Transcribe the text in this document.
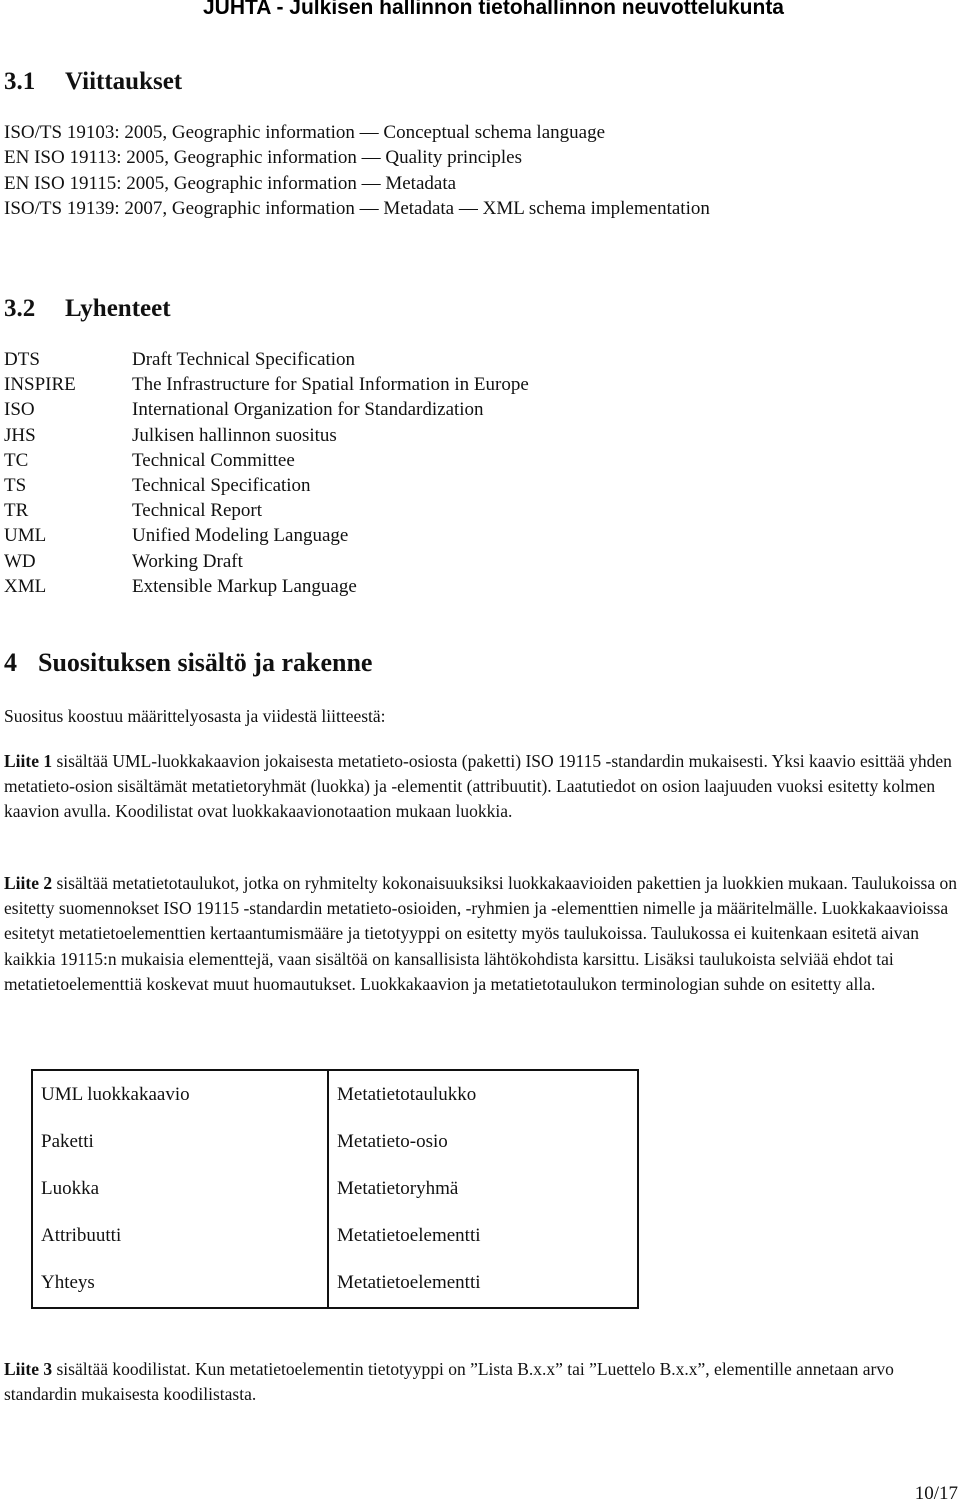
JUHTA - Julkisen hallinnon tietohallinnon neuvottelukunta
3.1 Viittaukset
ISO/TS 19103: 2005, Geographic information — Conceptual schema language
EN ISO 19113: 2005, Geographic information — Quality principles
EN ISO 19115: 2005, Geographic information — Metadata
ISO/TS 19139: 2007, Geographic information — Metadata — XML schema implementation
3.2 Lyhenteet
DTS	Draft Technical Specification
INSPIRE	The Infrastructure for Spatial Information in Europe
ISO	International Organization for Standardization
JHS	Julkisen hallinnon suositus
TC	Technical Committee
TS	Technical Specification
TR	Technical Report
UML	Unified Modeling Language
WD	Working Draft
XML	Extensible Markup Language
4 Suosituksen sisältö ja rakenne
Suositus koostuu määrittelyosasta ja viidestä liitteestä:
Liite 1 sisältää UML-luokkakaavion jokaisesta metatieto-osiosta (paketti) ISO 19115 -standardin mukaisesti. Yksi kaavio esittää yhden metatieto-osion sisältämät metatietoryhmät (luokka) ja -elementit (attribuutit). Laatutiedot on osion laajuuden vuoksi esitetty kolmen kaavion avulla. Koodilistat ovat luokkakaavionotaation mukaan luokkia.
Liite 2 sisältää metatietotaulukot, jotka on ryhmitelty kokonaisuuksiksi luokkakaavioiden pakettien ja luokkien mukaan. Taulukoissa on esitetty suomennokset ISO 19115 -standardin metatieto-osioiden, -ryhmien ja -elementtien nimelle ja määritelmälle. Luokkakaavioissa esitetyt metatietoelementtien kertaantumismääre ja tietotyyppi on esitetty myös taulukoissa. Taulukossa ei kuitenkaan esitetä aivan kaikkia 19115:n mukaisia elementtejä, vaan sisältöä on kansallisista lähtökohdista karsittu. Lisäksi taulukoista selviää ehdot tai metatietoelementtiä koskevat muut huomautukset. Luokkakaavion ja metatietotaulukon terminologian suhde on esitetty alla.
UML luokkakaavio	Metatietotaulukko
Paketti	Metatieto-osio
Luokka	Metatietoryhmä
Attribuutti	Metatietoelementti
Yhteys	Metatietoelementti
Liite 3 sisältää koodilistat. Kun metatietoelementin tietotyyppi on ”Lista B.x.x” tai ”Luettelo B.x.x”, elementille annetaan arvo standardin mukaisesta koodilistasta.
10/17
